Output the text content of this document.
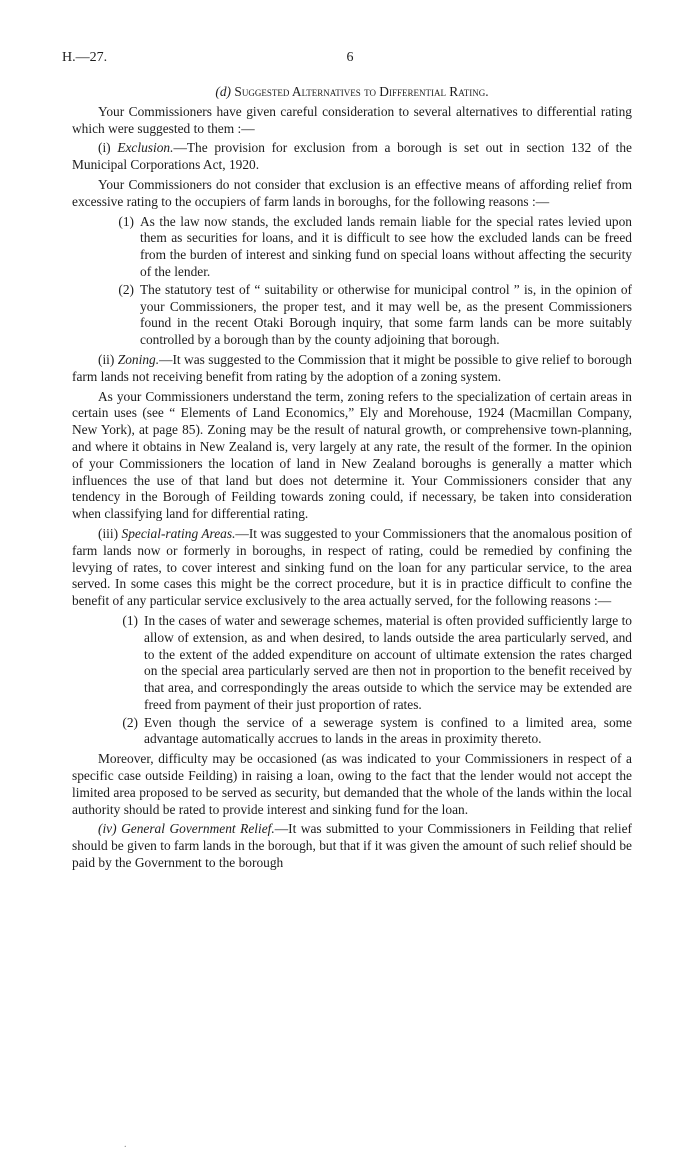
H.—27.	6
(d) Suggested Alternatives to Differential Rating.

Your Commissioners have given careful consideration to several alternatives to differential rating which were suggested to them :—

(i) Exclusion.—The provision for exclusion from a borough is set out in section 132 of the Municipal Corporations Act, 1920.

Your Commissioners do not consider that exclusion is an effective means of affording relief from excessive rating to the occupiers of farm lands in boroughs, for the following reasons :—

(1) As the law now stands, the excluded lands remain liable for the special rates levied upon them as securities for loans, and it is difficult to see how the excluded lands can be freed from the burden of interest and sinking fund on special loans without affecting the security of the lender.
(2) The statutory test of “ suitability or otherwise for municipal control ” is, in the opinion of your Commissioners, the proper test, and it may well be, as the present Commissioners found in the recent Otaki Borough inquiry, that some farm lands can be more suitably controlled by a borough than by the county adjoining that borough.

(ii) Zoning.—It was suggested to the Commission that it might be possible to give relief to borough farm lands not receiving benefit from rating by the adoption of a zoning system.

As your Commissioners understand the term, zoning refers to the specialization of certain areas in certain uses (see “ Elements of Land Economics,” Ely and Morehouse, 1924 (Macmillan Company, New York), at page 85). Zoning may be the result of natural growth, or comprehensive town-planning, and where it obtains in New Zealand is, very largely at any rate, the result of the former. In the opinion of your Commissioners the location of land in New Zealand boroughs is generally a matter which influences the use of that land but does not determine it. Your Commissioners consider that any tendency in the Borough of Feilding towards zoning could, if necessary, be taken into consideration when classifying land for differential rating.

(iii) Special-rating Areas.—It was suggested to your Commissioners that the anomalous position of farm lands now or formerly in boroughs, in respect of rating, could be remedied by confining the levying of rates, to cover interest and sinking fund on the loan for any particular service, to the area served. In some cases this might be the correct procedure, but it is in practice difficult to confine the benefit of any particular service exclusively to the area actually served, for the following reasons :—

(1) In the cases of water and sewerage schemes, material is often provided sufficiently large to allow of extension, as and when desired, to lands outside the area particularly served, and to the extent of the added expenditure on account of ultimate extension the rates charged on the special area particularly served are then not in proportion to the benefit received by that area, and correspondingly the areas outside to which the service may be extended are freed from payment of their just proportion of rates.
(2) Even though the service of a sewerage system is confined to a limited area, some advantage automatically accrues to lands in the areas in proximity thereto.

Moreover, difficulty may be occasioned (as was indicated to your Commissioners in respect of a specific case outside Feilding) in raising a loan, owing to the fact that the lender would not accept the limited area proposed to be served as security, but demanded that the whole of the lands within the local authority should be rated to provide interest and sinking fund for the loan.

(iv) General Government Relief.—It was submitted to your Commissioners in Feilding that relief should be given to farm lands in the borough, but that if it was given the amount of such relief should be paid by the Government to the borough

.
